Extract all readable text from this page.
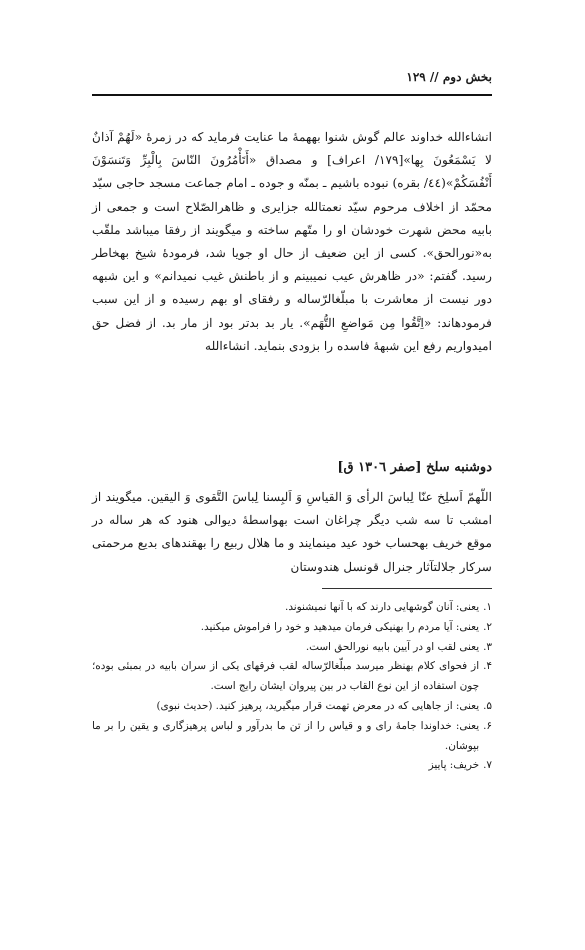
بخش دوم // ۱۲۹
انشاءالله خداوند عالم گوش شنوا بههمهٔ ما عنایت فرماید که در زمرهٔ «لَهُمْ آذانٌ لا یَسْمَعُونَ بِها»[۱۷۹/ اعراف] و مصداق «أَتَأْمُرُونَ النّاسَ بِالْبِرِّ وَتَنسَوْنَ أَنْفُسَکُمْ»(٤٤/ بقره) نبوده باشیم ـ بمنّه و جوده ـ امام جماعت مسجد حاجی سیّد محمّد از اخلاف مرحوم سیّد نعمتالله جزایری و ظاهرالصّلاح است و جمعی از بابیه محض شهرت خودشان او را متّهم ساخته و میگویند از رفقا میباشد ملقّب به«نورالحق». کسی از این ضعیف از حال او جویا شد، فرمودهٔ شیخ بهخاطر رسید. گفتم: «در ظاهرش عیب نمیبینم و از باطنش غیب نمیدانم» و این شبهه دور نیست از معاشرت با مبلّغالرّساله و رفقای او بهم رسیده و از این سبب فرمودهاند: «اِتَّقُوا مِن مَواضعِ التُّهَم». یار بد بدتر بود از مار بد. از فضل حق امیدواریم رفع این شبههٔ فاسده را بزودی بنماید. انشاءالله
دوشنبه سلخ [صفر ۱۳۰٦ ق]
اللّهمّ اَسلِخ عنّا لِباسَ الرأی وَ القیاسِ وَ اَلبِسنا لِباسَ التَّقوی وَ الیقین. میگویند از امشب تا سه شب دیگر چراغان است بهواسطهٔ دیوالی هنود که هر ساله در موقع خریف بهحساب خود عید مینمایند و ما هلال ربیع را بهقندهای بدیع مرحمتی سرکار جلالتآثار جنرال قونسل هندوستان
۱.
یعنی: آنان گوشهایی دارند که با آنها نمیشنوند.
۲.
یعنی: آیا مردم را بهنیکی فرمان میدهید و خود را فراموش میکنید.
۳.
یعنی لقب او در آیین بابیه نورالحق است.
۴.
از فحوای کلام بهنظر میرسد مبلّغالرّساله لقب فرقهای یکی از سران بابیه در بمبئی بوده؛ چون استفاده از این نوع القاب در بین پیروان ایشان رایج است.
۵.
یعنی: از جاهایی که در معرض تهمت قرار میگیرید، پرهیز کنید. (حدیث نبوی)
۶.
یعنی: خداوندا جامهٔ رای و و قیاس را از تن ما بدرآور و لباس پرهیزگاری و یقین را بر ما بپوشان.
۷.
خریف: پاییز
